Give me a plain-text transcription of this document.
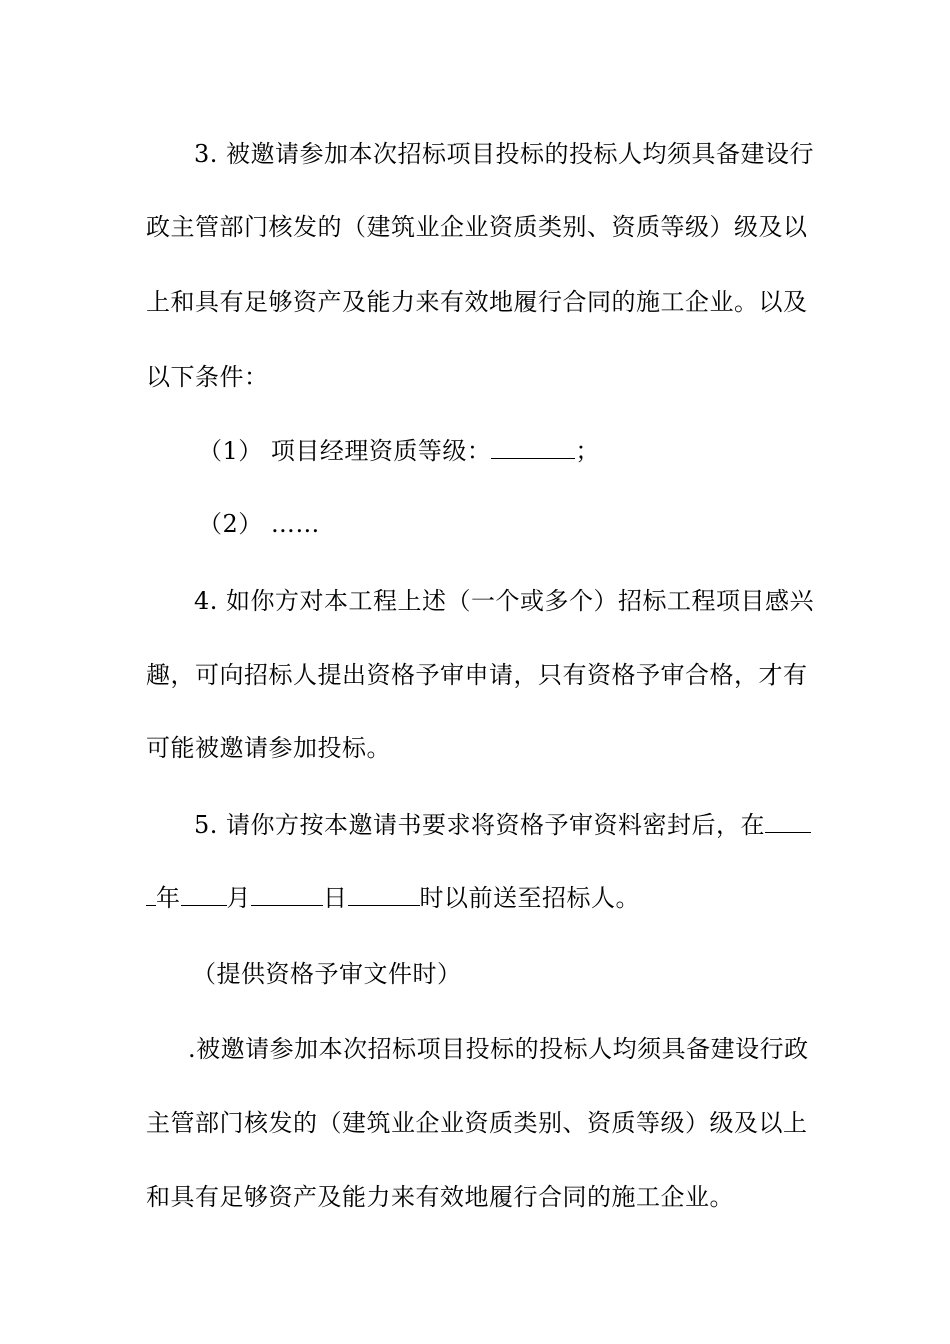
3. 被邀请参加本次招标项目投标的投标人均须具备建设行
政主管部门核发的（建筑业企业资质类别、资质等级）级及以
上和具有足够资产及能力来有效地履行合同的施工企业。以及
以下条件：
（1） 项目经理资质等级：	；
（2） ……
4. 如你方对本工程上述（一个或多个）招标工程项目感兴
趣，可向招标人提出资格予审申请，只有资格予审合格，才有
可能被邀请参加投标。
5. 请你方按本邀请书要求将资格予审资料密封后，在
年 月	日	时以前送至招标人。
（提供资格予审文件时）
.被邀请参加本次招标项目投标的投标人均须具备建设行政
主管部门核发的（建筑业企业资质类别、资质等级）级及以上
和具有足够资产及能力来有效地履行合同的施工企业。
